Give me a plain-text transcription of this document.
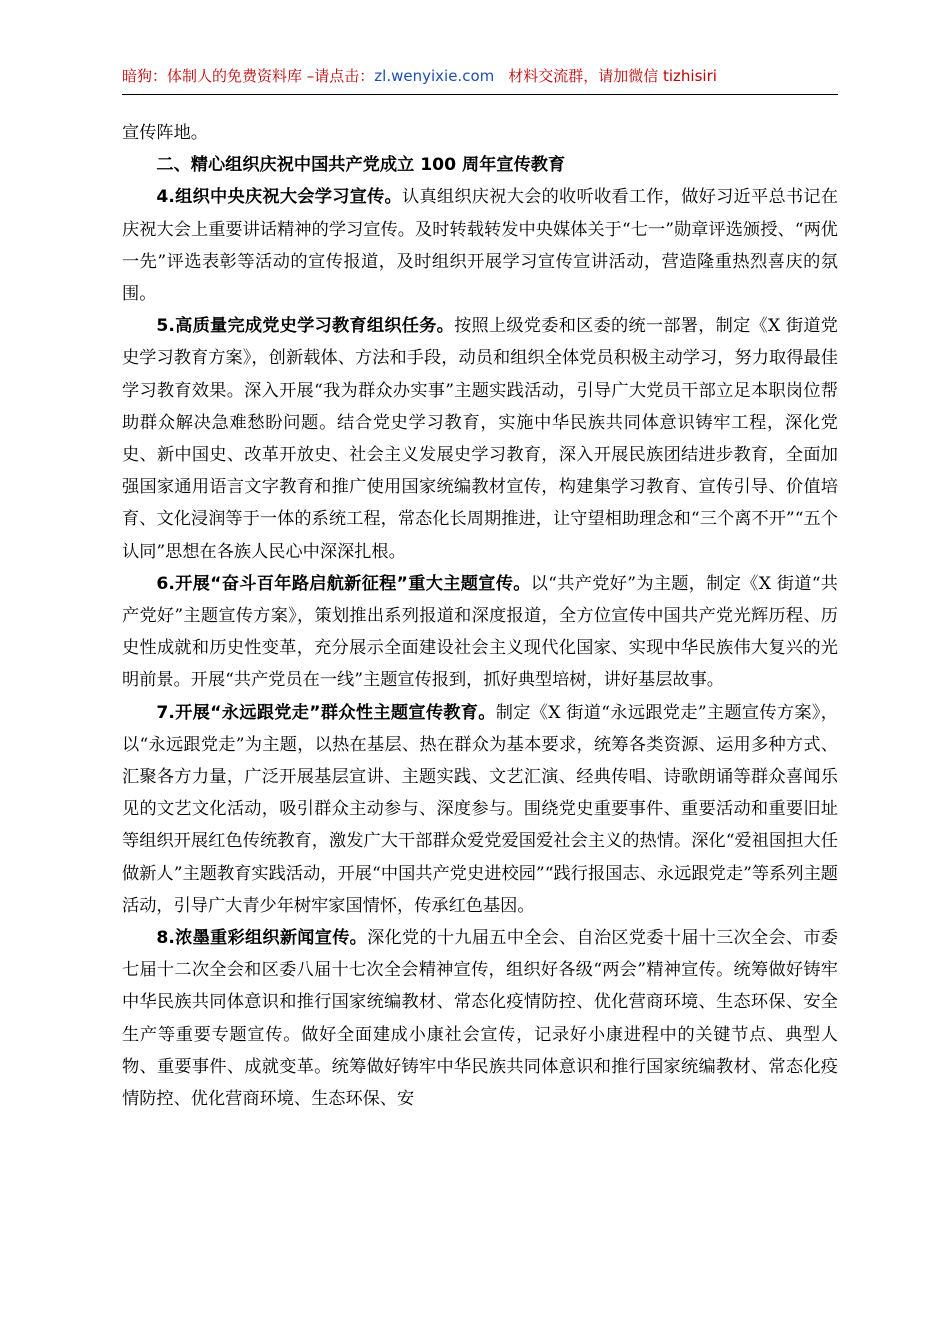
暗狗：体制人的免费资料库 –请点击：zl.wenyixie.com 材料交流群，请加微信 tizhisiri

宣传阵地。

二、精心组织庆祝中国共产党成立 100 周年宣传教育

4.组织中央庆祝大会学习宣传。认真组织庆祝大会的收听收看工作，做好习近平总书记在庆祝大会上重要讲话精神的学习宣传。及时转载转发中央媒体关于“七一”勋章评选颁授、“两优一先”评选表彰等活动的宣传报道，及时组织开展学习宣传宣讲活动，营造隆重热烈喜庆的氛围。

5.高质量完成党史学习教育组织任务。按照上级党委和区委的统一部署，制定《X 街道党史学习教育方案》，创新载体、方法和手段，动员和组织全体党员积极主动学习，努力取得最佳学习教育效果。深入开展“我为群众办实事”主题实践活动，引导广大党员干部立足本职岗位帮助群众解决急难愁盼问题。结合党史学习教育，实施中华民族共同体意识铸牢工程，深化党史、新中国史、改革开放史、社会主义发展史学习教育，深入开展民族团结进步教育，全面加强国家通用语言文字教育和推广使用国家统编教材宣传，构建集学习教育、宣传引导、价值培育、文化浸润等于一体的系统工程，常态化长周期推进，让守望相助理念和“三个离不开”“五个认同”思想在各族人民心中深深扎根。

6.开展“奋斗百年路启航新征程”重大主题宣传。以“共产党好”为主题，制定《X 街道“共产党好”主题宣传方案》，策划推出系列报道和深度报道，全方位宣传中国共产党光辉历程、历史性成就和历史性变革，充分展示全面建设社会主义现代化国家、实现中华民族伟大复兴的光明前景。开展“共产党员在一线”主题宣传报到，抓好典型培树，讲好基层故事。

7.开展“永远跟党走”群众性主题宣传教育。制定《X 街道“永远跟党走”主题宣传方案》，以“永远跟党走”为主题，以热在基层、热在群众为基本要求，统筹各类资源、运用多种方式、汇聚各方力量，广泛开展基层宣讲、主题实践、文艺汇演、经典传唱、诗歌朗诵等群众喜闻乐见的文艺文化活动，吸引群众主动参与、深度参与。围绕党史重要事件、重要活动和重要旧址等组织开展红色传统教育，激发广大干部群众爱党爱国爱社会主义的热情。深化“爱祖国担大任做新人”主题教育实践活动，开展“中国共产党史进校园”“践行报国志、永远跟党走”等系列主题活动，引导广大青少年树牢家国情怀，传承红色基因。

8.浓墨重彩组织新闻宣传。深化党的十九届五中全会、自治区党委十届十三次全会、市委七届十二次全会和区委八届十七次全会精神宣传，组织好各级“两会”精神宣传。统筹做好铸牢中华民族共同体意识和推行国家统编教材、常态化疫情防控、优化营商环境、生态环保、安全生产等重要专题宣传。做好全面建成小康社会宣传，记录好小康进程中的关键节点、典型人物、重要事件、成就变革。统筹做好铸牢中华民族共同体意识和推行国家统编教材、常态化疫情防控、优化营商环境、生态环保、安
